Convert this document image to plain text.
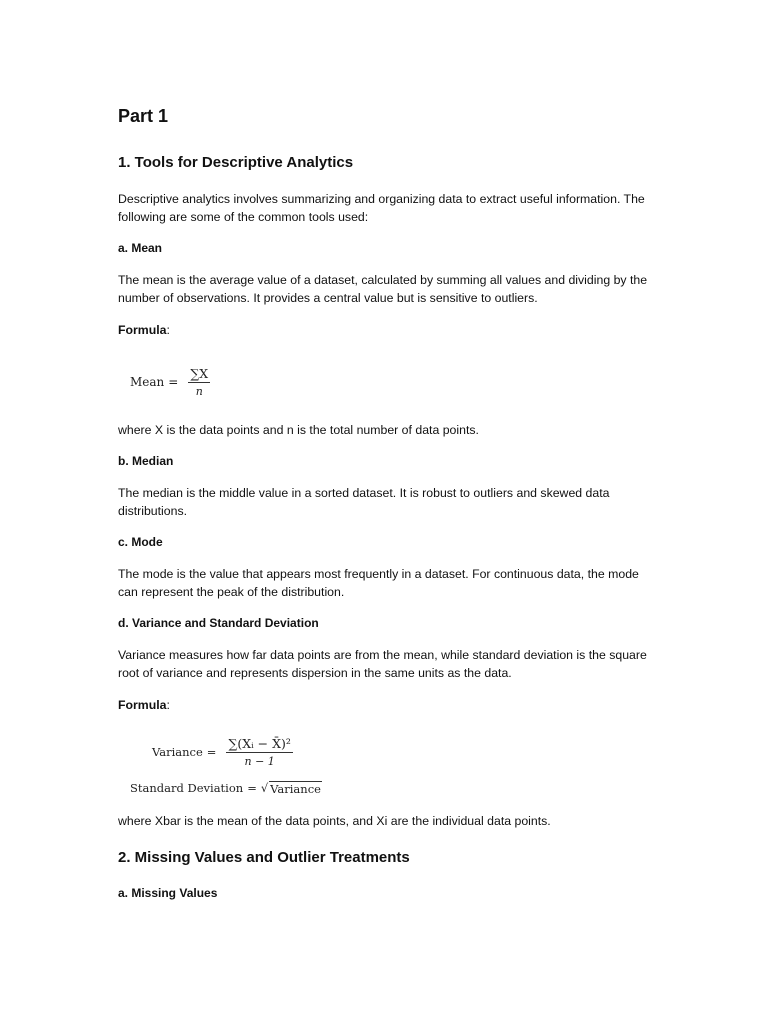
Part 1
1. Tools for Descriptive Analytics

Descriptive analytics involves summarizing and organizing data to extract useful information. The following are some of the common tools used:

a. Mean

The mean is the average value of a dataset, calculated by summing all values and dividing by the number of observations. It provides a central value but is sensitive to outliers.

Formula:
Mean = $\frac{\sum X}{n}$

where X is the data points and n is the total number of data points.

b. Median

The median is the middle value in a sorted dataset. It is robust to outliers and skewed data distributions.

c. Mode

The mode is the value that appears most frequently in a dataset. For continuous data, the mode can represent the peak of the distribution.

d. Variance and Standard Deviation

Variance measures how far data points are from the mean, while standard deviation is the square root of variance and represents dispersion in the same units as the data.

Formula:
Variance = $\frac{\text{∑(Xᵢ − X̄)²}}{n - 1}$
Standard Deviation = √ Variance

where Xbar is the mean of the data points, and Xi are the individual data points.

2. Missing Values and Outlier Treatments
a. Missing Values
